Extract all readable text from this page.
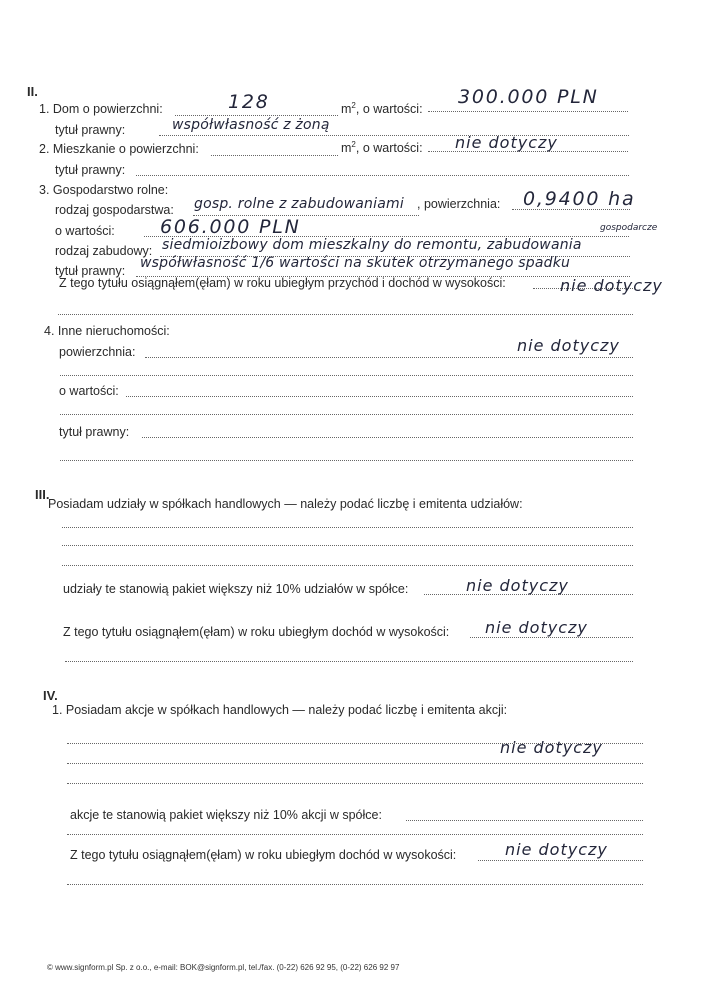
II.
1. Dom o powierzchni:	128	$m^2$, o wartości:
300.000 PLN
tytuł prawny:	współwłasność z żoną
2. Mieszkanie o powierzchni:	$m^2$, o wartości: nie dotyczy
tytuł prawny:
3. Gospodarstwo rolne:
rodzaj gospodarstwa: gosp. rolne z zabudowaniami , powierzchnia: 0,9400 ha
o wartości: 606.000 PLN	gospodarcze
rodzaj zabudowy: siedmioizbowy dom mieszkalny do remontu, zabudowania
tytuł prawny: współwłasność 1/6 wartości na skutek otrzymanego spadku
Z tego tytułu osiągnąłem(ęłam) w roku ubiegłym przychód i dochód w wysokości:	nie dotyczy
4. Inne nieruchomości:
powierzchnia:	nie dotyczy
o wartości:
tytuł prawny:
III.
Posiadam udziały w spółkach handlowych — należy podać liczbę i emitenta udziałów:
udziały te stanowią pakiet większy niż 10% udziałów w spółce:	nie dotyczy
Z tego tytułu osiągnąłem(ęłam) w roku ubiegłym dochód w wysokości: nie dotyczy
IV.
1. Posiadam akcje w spółkach handlowych — należy podać liczbę i emitenta akcji:
nie dotyczy
akcje te stanowią pakiet większy niż 10% akcji w spółce:
Z tego tytułu osiągnąłem(ęłam) w roku ubiegłym dochód w wysokości:	nie dotyczy
© www.signform.pl Sp. z o.o., e-mail: BOK@signform.pl, tel./fax. (0-22) 626 92 95, (0-22) 626 92 97
